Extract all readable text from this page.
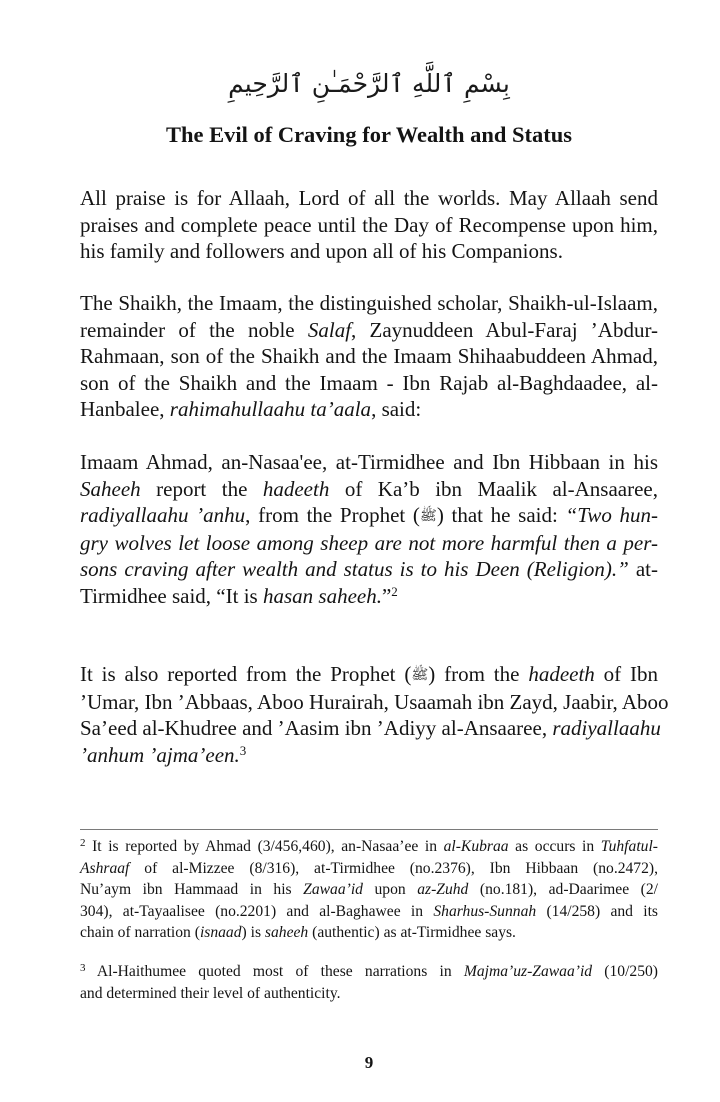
بِسْمِ ٱللَّهِ ٱلرَّحْمَـٰنِ ٱلرَّحِيمِ
The Evil of Craving for Wealth and Status

All praise is for Allaah, Lord of all the worlds. May Allaah send
praises and complete peace until the Day of Recompense upon him,
his family and followers and upon all of his Companions.

The Shaikh, the Imaam, the distinguished scholar, Shaikh-ul-Islaam,
remainder of the noble Salaf, Zaynuddeen Abul-Faraj ’Abdur-
Rahmaan, son of the Shaikh and the Imaam Shihaabuddeen Ahmad,
son of the Shaikh and the Imaam - Ibn Rajab al-Baghdaadee, al-
Hanbalee, rahimahullaahu ta’aala, said:

Imaam Ahmad, an-Nasaa'ee, at-Tirmidhee and Ibn Hibbaan in his
Saheeh report the hadeeth of Ka’b ibn Maalik al-Ansaaree,
radiyallaahu ’anhu, from the Prophet (ﷺ) that he said: “Two hun-
gry wolves let loose among sheep are not more harmful then a per-
sons craving after wealth and status is to his Deen (Religion).” at-
Tirmidhee said, “It is hasan saheeh.”$^2$

It is also reported from the Prophet (ﷺ) from the hadeeth of Ibn
’Umar, Ibn ’Abbaas, Aboo Hurairah, Usaamah ibn Zayd, Jaabir, Aboo
Sa’eed al-Khudree and ’Aasim ibn ’Adiyy al-Ansaaree, radiyallaahu
’anhum ’ajma’een.$^3$

$^2$ It is reported by Ahmad (3/456,460), an-Nasaa’ee in al-Kubraa as occurs in Tuhfatul-
Ashraaf of al-Mizzee (8/316), at-Tirmidhee (no.2376), Ibn Hibbaan (no.2472),
Nu’aym ibn Hammaad in his Zawaa’id upon az-Zuhd (no.181), ad-Daarimee (2/
304), at-Tayaalisee (no.2201) and al-Baghawee in Sharhus-Sunnah (14/258) and its
chain of narration (isnaad) is saheeh (authentic) as at-Tirmidhee says.

$^3$ Al-Haithumee quoted most of these narrations in Majma’uz-Zawaa’id (10/250)
and determined their level of authenticity.

9
